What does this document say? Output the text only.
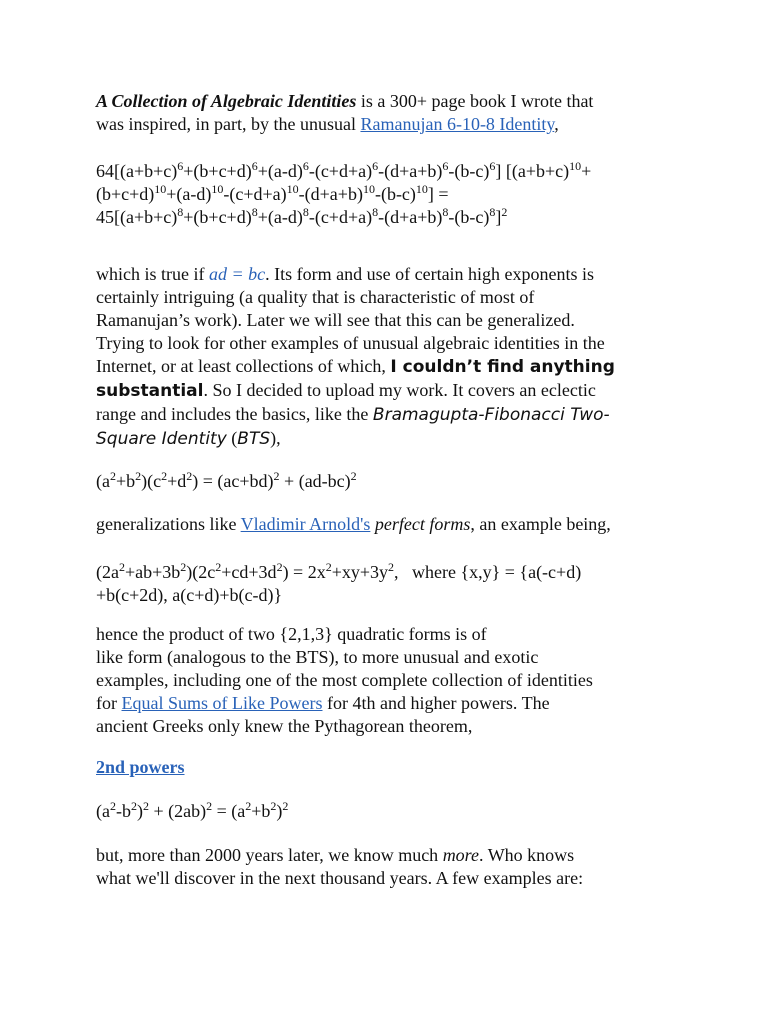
A Collection of Algebraic Identities is a 300+ page book I wrote that
was inspired, in part, by the unusual Ramanujan 6-10-8 Identity,

$64[(a+b+c)^6+(b+c+d)^6+(a-d)^6-(c+d+a)^6-(d+a+b)^6-(b-c)^6]$ [$(a+b+c)^{10}+$
$(b+c+d)^{10}+(a-d)^{10}-(c+d+a)^{10}-(d+a+b)^{10}-(b-c)^{10}$] =
$45[(a+b+c)^8+(b+c+d)^8+(a-d)^8-(c+d+a)^8-(d+a+b)^8-(b-c)^8]^2$

which is true if ad = bc. Its form and use of certain high exponents is
certainly intriguing (a quality that is characteristic of most of
Ramanujan’s work). Later we will see that this can be generalized.
Trying to look for other examples of unusual algebraic identities in the
Internet, or at least collections of which, I couldn’t find anything
substantial. So I decided to upload my work. It covers an eclectic
range and includes the basics, like the Bramagupta-Fibonacci Two-
Square Identity (BTS),

$(a^2+b^2)(c^2+d^2) = (ac+bd)^2 + (ad-bc)^2$

generalizations like Vladimir Arnold's perfect forms, an example being,

$(2a^2+ab+3b^2)(2c^2+cd+3d^2) = 2x^2+xy+3y^2$,   where {x,y} = {a(-c+d)
+b(c+2d), a(c+d)+b(c-d)}

hence the product of two {2,1,3} quadratic forms is of
like form (analogous to the BTS), to more unusual and exotic
examples, including one of the most complete collection of identities
for Equal Sums of Like Powers for 4th and higher powers. The
ancient Greeks only knew the Pythagorean theorem,

2nd powers

$(a^2-b^2)^2 + (2ab)^2 = (a^2+b^2)^2$

but, more than 2000 years later, we know much more. Who knows
what we'll discover in the next thousand years. A few examples are:
